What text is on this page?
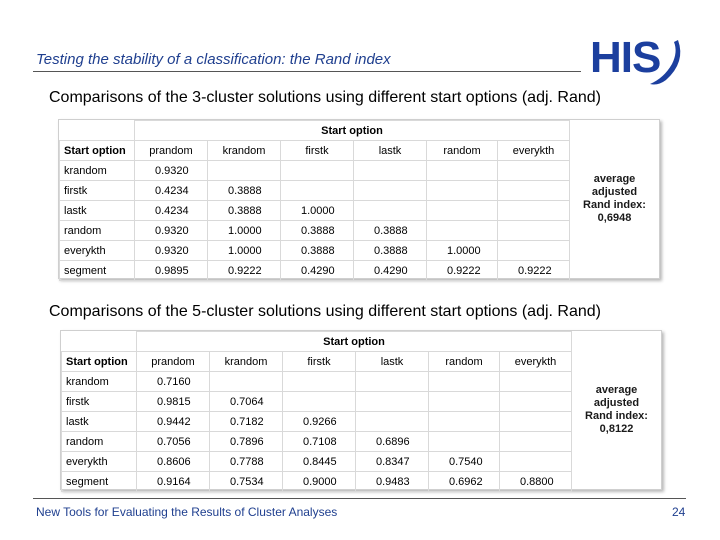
Testing the stability of a classification: the Rand index	HIS
Comparisons of the 3-cluster solutions using different start options (adj. Rand)
	Start option					
Start option	prandom	krandom	firstk	lastk	random	everykth
krandom	0.9320					
firstk	0.4234	0.3888				
lastk	0.4234	0.3888	1.0000			
random	0.9320	1.0000	0.3888	0.3888		
everykth	0.9320	1.0000	0.3888	0.3888	1.0000	
segment	0.9895	0.9222	0.4290	0.4290	0.9222	0.9222
average
adjusted
Rand index:
0,6948
Comparisons of the 5-cluster solutions using different start options (adj. Rand)
	Start option					
Start option	prandom	krandom	firstk	lastk	random	everykth
krandom	0.7160					
firstk	0.9815	0.7064				
lastk	0.9442	0.7182	0.9266			
random	0.7056	0.7896	0.7108	0.6896		
everykth	0.8606	0.7788	0.8445	0.8347	0.7540	
segment	0.9164	0.7534	0.9000	0.9483	0.6962	0.8800
average
adjusted
Rand index:
0,8122
New Tools for Evaluating the Results of Cluster Analyses	24
